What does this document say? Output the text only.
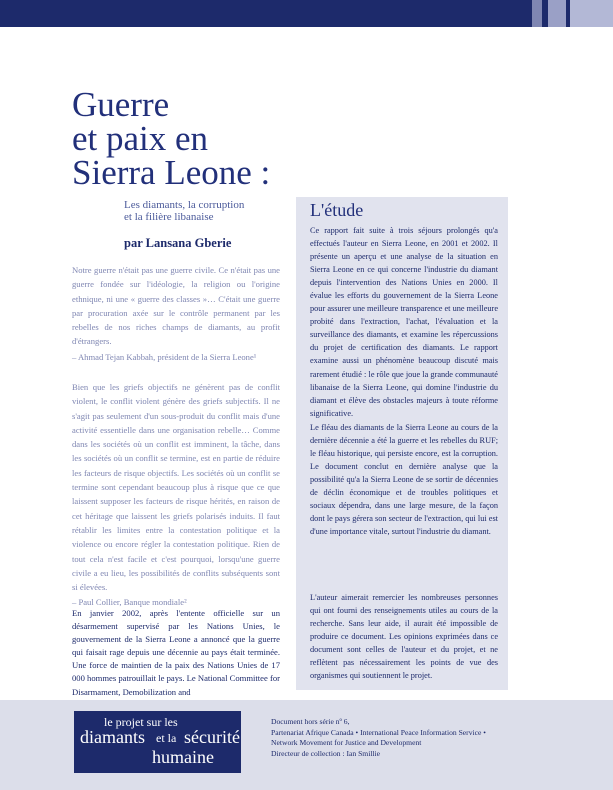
Guerre
et paix en
Sierra Leone :
Les diamants, la corruption
et la filière libanaise
par Lansana Gberie

Notre guerre n'était pas une guerre civile. Ce n'était pas une guerre fondée sur l'idéologie, la religion ou l'origine ethnique, ni une « guerre des classes »… C'était une guerre par procuration axée sur le contrôle permanent par les rebelles de nos riches champs de diamants, au profit d'étrangers.

– Ahmad Tejan Kabbah, président de la Sierra Leone¹

Bien que les griefs objectifs ne génèrent pas de conflit violent, le conflit violent génère des griefs subjectifs. Il ne s'agit pas seulement d'un sous-produit du conflit mais d'une activité essentielle dans une organisation rebelle… Comme dans les sociétés où un conflit est imminent, la tâche, dans les sociétés où un conflit se termine, est en partie de réduire les facteurs de risque objectifs. Les sociétés où un conflit se termine sont cependant beaucoup plus à risque que ce que laissent supposer les facteurs de risque hérités, en raison de cet héritage que laissent les griefs polarisés induits. Il faut rétablir les limites entre la contestation politique et la violence ou encore régler la contestation politique. Rien de tout cela n'est facile et c'est pourquoi, lorsqu'une guerre civile a eu lieu, les possibilités de conflits subséquents sont si élevées.

– Paul Collier, Banque mondiale²

En janvier 2002, après l'entente officielle sur un désarmement supervisé par les Nations Unies, le gouvernement de la Sierra Leone a annoncé que la guerre qui faisait rage depuis une décennie au pays était terminée. Une force de maintien de la paix des Nations Unies de 17 000 hommes patrouillait le pays. Le National Committee for Disarmament, Demobilization and

L'étude

Ce rapport fait suite à trois séjours prolongés qu'a effectués l'auteur en Sierra Leone, en 2001 et 2002. Il présente un aperçu et une analyse de la situation en Sierra Leone en ce qui concerne l'industrie du diamant depuis l'intervention des Nations Unies en 2000. Il évalue les efforts du gouvernement de la Sierra Leone pour assurer une meilleure transparence et une meilleure probité dans l'extraction, l'achat, l'évaluation et la surveillance des diamants, et examine les répercussions du projet de certification des diamants. Le rapport examine aussi un phénomène beaucoup discuté mais rarement étudié : le rôle que joue la grande communauté libanaise de la Sierra Leone, qui domine l'industrie du diamant et élève des obstacles majeurs à toute réforme significative.

Le fléau des diamants de la Sierra Leone au cours de la dernière décennie a été la guerre et les rebelles du RUF; le fléau historique, qui persiste encore, est la corruption. Le document conclut en dernière analyse que la possibilité qu'a la Sierra Leone de se sortir de décennies de déclin économique et de troubles politiques et sociaux dépendra, dans une large mesure, de la façon dont le pays gérera son secteur de l'extraction, qui lui est d'une importance vitale, surtout l'industrie du diamant.

L'auteur aimerait remercier les nombreuses personnes qui ont fourni des renseignements utiles au cours de la recherche. Sans leur aide, il aurait été impossible de produire ce document. Les opinions exprimées dans ce document sont celles de l'auteur et du projet, et ne reflètent pas nécessairement les points de vue des organismes qui soutiennent le projet.

le projet sur les
diamants et la sécurité
humaine
Document hors série nº 6,
Partenariat Afrique Canada • International Peace Information Service •
Network Movement for Justice and Development
Directeur de collection : Ian Smillie
